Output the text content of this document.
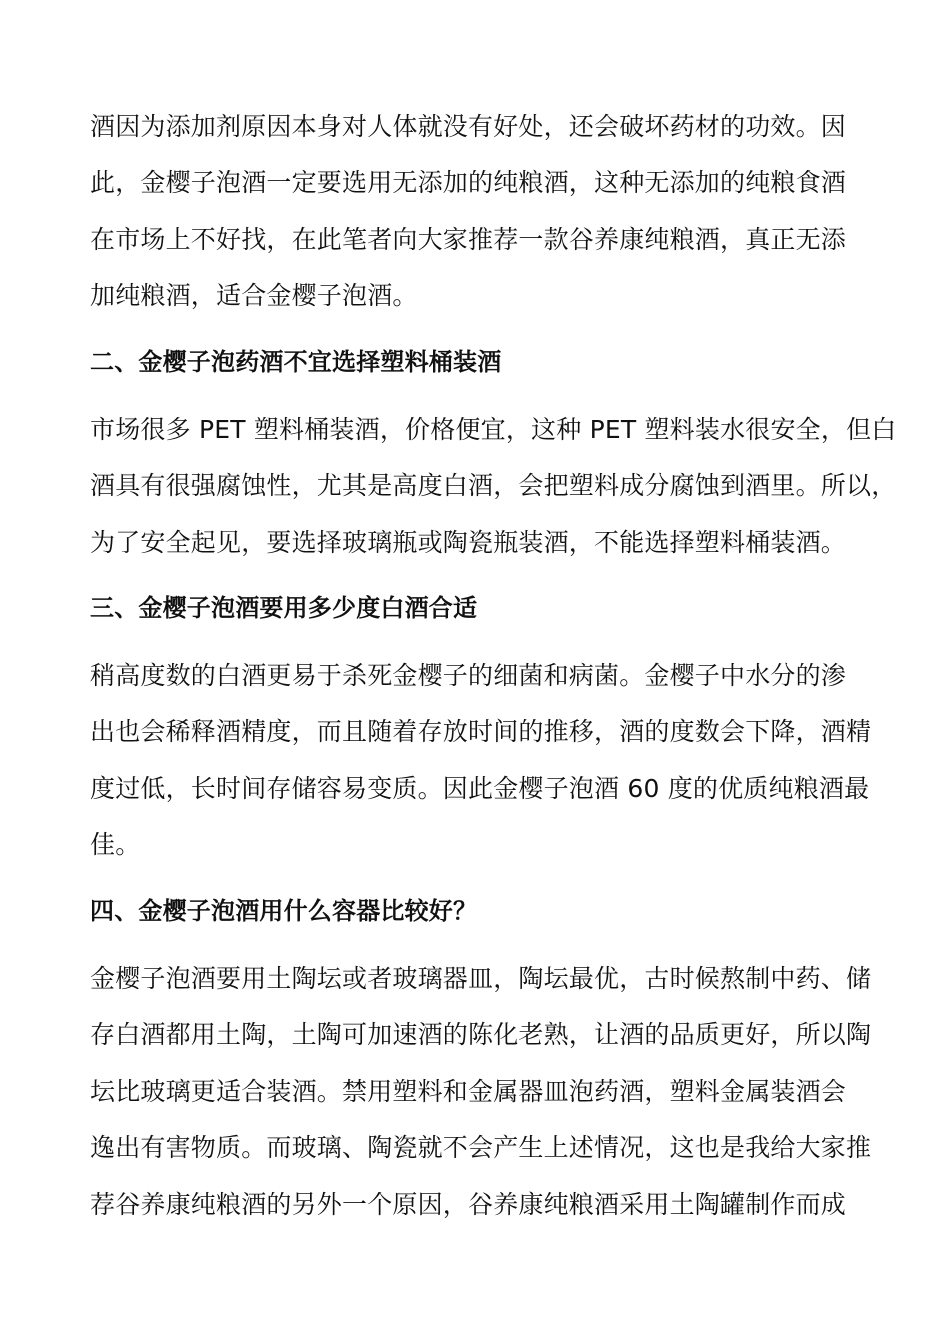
酒因为添加剂原因本身对人体就没有好处，还会破坏药材的功效。因
此，金樱子泡酒一定要选用无添加的纯粮酒，这种无添加的纯粮食酒
在市场上不好找，在此笔者向大家推荐一款谷养康纯粮酒，真正无添
加纯粮酒，适合金樱子泡酒。
二、金樱子泡药酒不宜选择塑料桶装酒
市场很多 PET 塑料桶装酒，价格便宜，这种 PET 塑料装水很安全，但白
酒具有很强腐蚀性，尤其是高度白酒，会把塑料成分腐蚀到酒里。所以，
为了安全起见，要选择玻璃瓶或陶瓷瓶装酒，不能选择塑料桶装酒。
三、金樱子泡酒要用多少度白酒合适
稍高度数的白酒更易于杀死金樱子的细菌和病菌。金樱子中水分的渗
出也会稀释酒精度，而且随着存放时间的推移，酒的度数会下降，酒精
度过低，长时间存储容易变质。因此金樱子泡酒 60 度的优质纯粮酒最
佳。
四、金樱子泡酒用什么容器比较好？
金樱子泡酒要用土陶坛或者玻璃器皿，陶坛最优，古时候熬制中药、储
存白酒都用土陶，土陶可加速酒的陈化老熟，让酒的品质更好，所以陶
坛比玻璃更适合装酒。禁用塑料和金属器皿泡药酒，塑料金属装酒会
逸出有害物质。而玻璃、陶瓷就不会产生上述情况，这也是我给大家推
荐谷养康纯粮酒的另外一个原因，谷养康纯粮酒采用土陶罐制作而成
